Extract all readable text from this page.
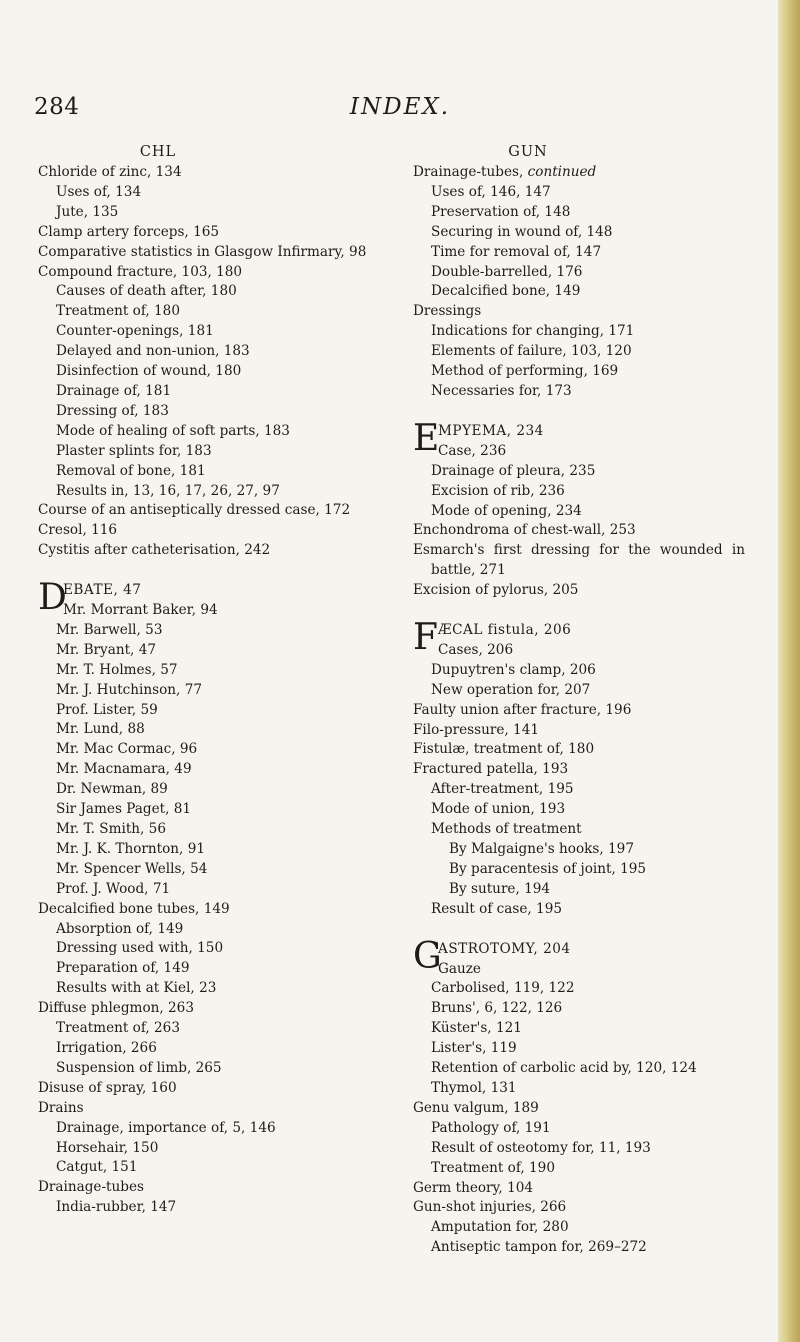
284	INDEX.
CHL	GUN
Chloride of zinc, 134
Uses of, 134
Jute, 135
Clamp artery forceps, 165
Comparative statistics in Glasgow Infirmary, 98
Compound fracture, 103, 180
Causes of death after, 180
Treatment of, 180
Counter-openings, 181
Delayed and non-union, 183
Disinfection of wound, 180
Drainage of, 181
Dressing of, 183
Mode of healing of soft parts, 183
Plaster splints for, 183
Removal of bone, 181
Results in, 13, 16, 17, 26, 27, 97
Course of an antiseptically dressed case, 172
Cresol, 116
Cystitis after catheterisation, 242
D
EBATE, 47
Mr. Morrant Baker, 94
Mr. Barwell, 53
Mr. Bryant, 47
Mr. T. Holmes, 57
Mr. J. Hutchinson, 77
Prof. Lister, 59
Mr. Lund, 88
Mr. Mac Cormac, 96
Mr. Macnamara, 49
Dr. Newman, 89
Sir James Paget, 81
Mr. T. Smith, 56
Mr. J. K. Thornton, 91
Mr. Spencer Wells, 54
Prof. J. Wood, 71
Decalcified bone tubes, 149
Absorption of, 149
Dressing used with, 150
Preparation of, 149
Results with at Kiel, 23
Diffuse phlegmon, 263
Treatment of, 263
Irrigation, 266
Suspension of limb, 265
Disuse of spray, 160
Drains
Drainage, importance of, 5, 146
Horsehair, 150
Catgut, 151
Drainage-tubes
India-rubber, 147
Drainage-tubes, continued
Uses of, 146, 147
Preservation of, 148
Securing in wound of, 148
Time for removal of, 147
Double-barrelled, 176
Decalcified bone, 149
Dressings
Indications for changing, 171
Elements of failure, 103, 120
Method of performing, 169
Necessaries for, 173
E
MPYEMA, 234
Case, 236
Drainage of pleura, 235
Excision of rib, 236
Mode of opening, 234
Enchondroma of chest-wall, 253
Esmarch's first dressing for the wounded in battle, 271
Excision of pylorus, 205
F ÆCAL fistula, 206
Cases, 206
Dupuytren's clamp, 206
New operation for, 207
Faulty union after fracture, 196
Filo-pressure, 141
Fistulæ, treatment of, 180
Fractured patella, 193
After-treatment, 195
Mode of union, 193
Methods of treatment
By Malgaigne's hooks, 197
By paracentesis of joint, 195
By suture, 194
Result of case, 195
G
ASTROTOMY, 204
Gauze
Carbolised, 119, 122
Bruns', 6, 122, 126
Küster's, 121
Lister's, 119
Retention of carbolic acid by, 120, 124
Thymol, 131
Genu valgum, 189
Pathology of, 191
Result of osteotomy for, 11, 193
Treatment of, 190
Germ theory, 104
Gun-shot injuries, 266
Amputation for, 280
Antiseptic tampon for, 269–272
